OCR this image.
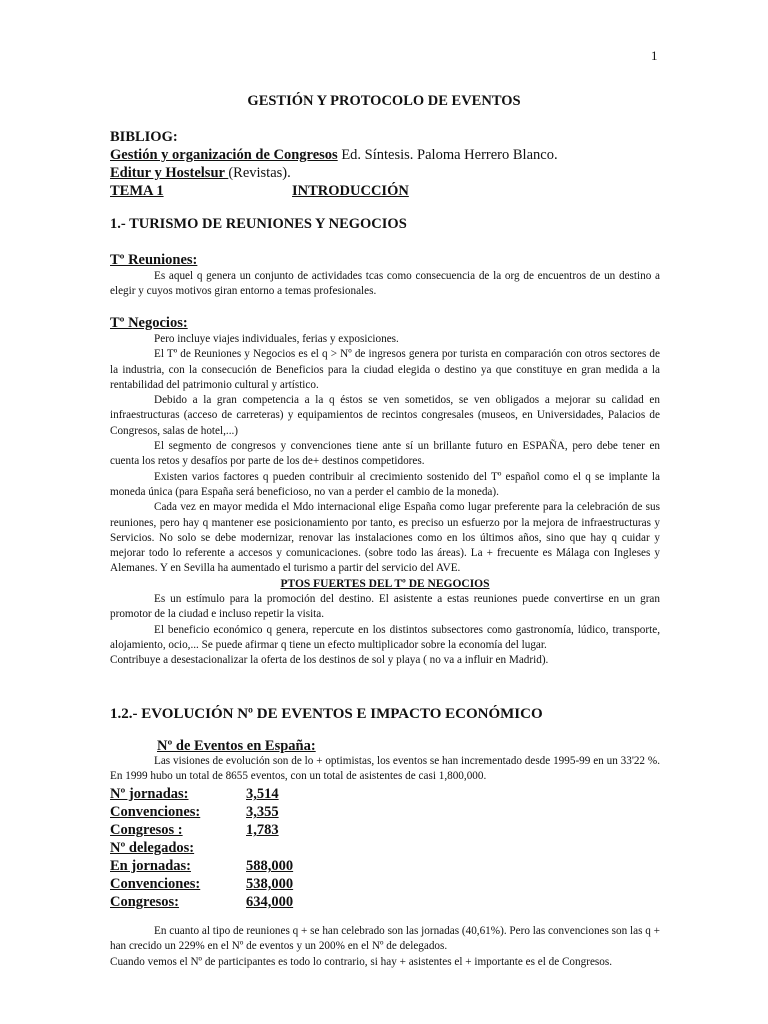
1
GESTIÓN Y PROTOCOLO DE EVENTOS
BIBLIOG:
Gestión y organización de Congresos Ed. Síntesis. Paloma Herrero Blanco.
Editur y Hostelsur (Revistas).
TEMA 1	INTRODUCCIÓN
1.- TURISMO DE REUNIONES Y NEGOCIOS
Tº Reuniones:

Es aquel q genera un conjunto de actividades tcas como consecuencia de la org de encuentros de un destino a elegir y cuyos motivos giran entorno a temas profesionales.

Tº Negocios:

Pero incluye viajes individuales, ferias y exposiciones.

El Tº de Reuniones y Negocios es el q > Nº de ingresos genera por turista en comparación con otros sectores de la industria, con la consecución de Beneficios para la ciudad elegida o destino ya que constituye en gran medida a la rentabilidad del patrimonio cultural y artístico.

Debido a la gran competencia a la q éstos se ven sometidos, se ven obligados a mejorar su calidad en infraestructuras (acceso de carreteras) y equipamientos de recintos congresales (museos, en Universidades, Palacios de Congresos, salas de hotel,...)

El segmento de congresos y convenciones tiene ante sí un brillante futuro en ESPAÑA, pero debe tener en cuenta los retos y desafíos por parte de los de+ destinos competidores.

Existen varios factores q pueden contribuir al crecimiento sostenido del Tº español como el q se implante la moneda única (para España será beneficioso, no van a perder el cambio de la moneda).

Cada vez en mayor medida el Mdo internacional elige España como lugar preferente para la celebración de sus reuniones, pero hay q mantener ese posicionamiento por tanto, es preciso un esfuerzo por la mejora de infraestructuras y Servicios. No solo se debe modernizar, renovar las instalaciones como en los últimos años, sino que hay q cuidar y mejorar todo lo referente a accesos y comunicaciones. (sobre todo las áreas). La + frecuente es Málaga con Ingleses y Alemanes. Y en Sevilla ha aumentado el turismo a partir del servicio del AVE.

PTOS FUERTES DEL Tº DE NEGOCIOS

Es un estímulo para la promoción del destino. El asistente a estas reuniones puede convertirse en un gran promotor de la ciudad e incluso repetir la visita.

El beneficio económico q genera, repercute en los distintos subsectores como gastronomía, lúdico, transporte, alojamiento, ocio,... Se puede afirmar q tiene un efecto multiplicador sobre la economía del lugar.

Contribuye a desestacionalizar la oferta de los destinos de sol y playa ( no va a influir en Madrid).

1.2.- EVOLUCIÓN Nº DE EVENTOS E IMPACTO ECONÓMICO
Nº de Eventos en España:

Las visiones de evolución son de lo + optimistas, los eventos se han incrementado desde 1995-99 en un 33'22 %. En 1999 hubo un total de 8655 eventos, con un total de asistentes de casi 1,800,000.

Nº jornadas:	3,514
Convenciones:	3,355
Congresos :	1,783
Nº delegados:
En jornadas:	588,000
Convenciones:	538,000
Congresos:	634,000

En cuanto al tipo de reuniones q + se han celebrado son las jornadas (40,61%). Pero las convenciones son las q + han crecido un 229% en el Nº de eventos y un 200% en el Nº de delegados.

Cuando vemos el Nº de participantes es todo lo contrario, si hay + asistentes el + importante es el de Congresos.
